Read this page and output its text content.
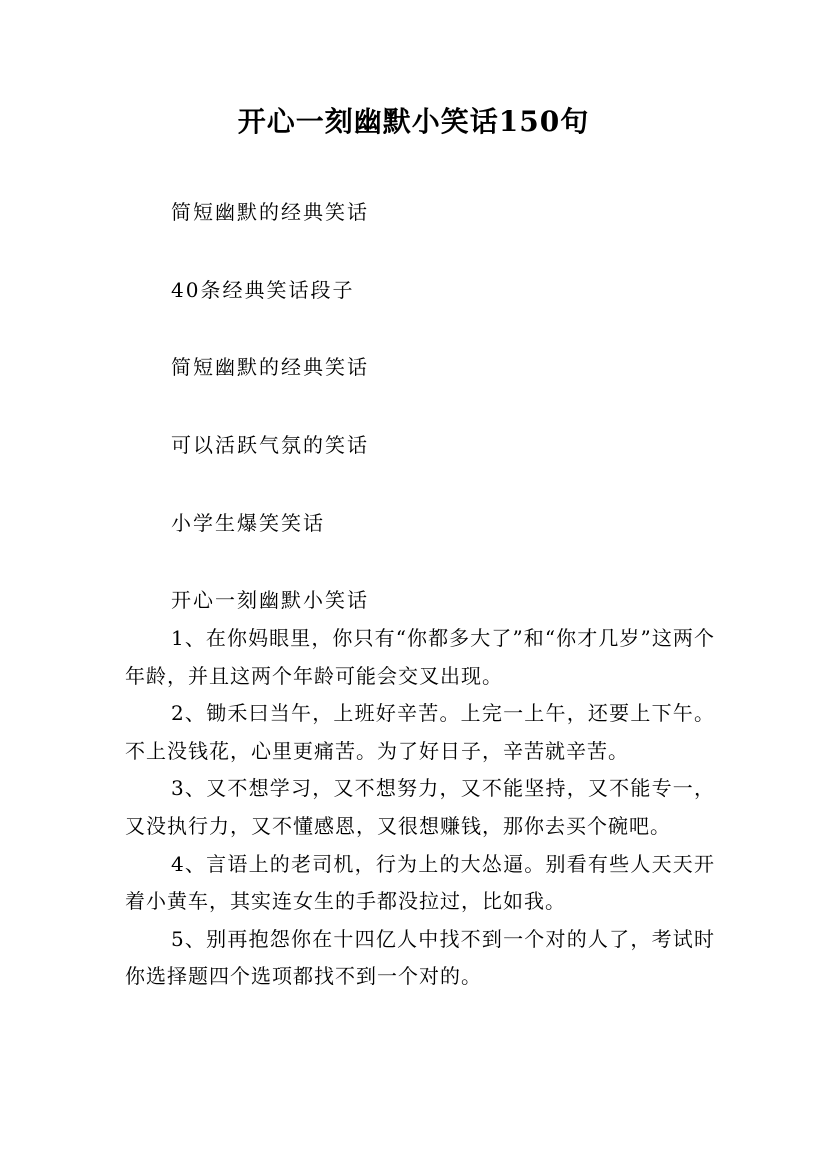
开心一刻幽默小笑话150句
简短幽默的经典笑话
40条经典笑话段子
简短幽默的经典笑话
可以活跃气氛的笑话
小学生爆笑笑话
开心一刻幽默小笑话

1、在你妈眼里，你只有“你都多大了”和“你才几岁”这两个年龄，并且这两个年龄可能会交叉出现。

2、锄禾曰当午，上班好辛苦。上完一上午，还要上下午。不上没钱花，心里更痛苦。为了好日子，辛苦就辛苦。

3、又不想学习，又不想努力，又不能坚持，又不能专一，又没执行力，又不懂感恩，又很想赚钱，那你去买个碗吧。

4、言语上的老司机，行为上的大怂逼。别看有些人天天开着小黄车，其实连女生的手都没拉过，比如我。

5、别再抱怨你在十四亿人中找不到一个对的人了，考试时你选择题四个选项都找不到一个对的。
